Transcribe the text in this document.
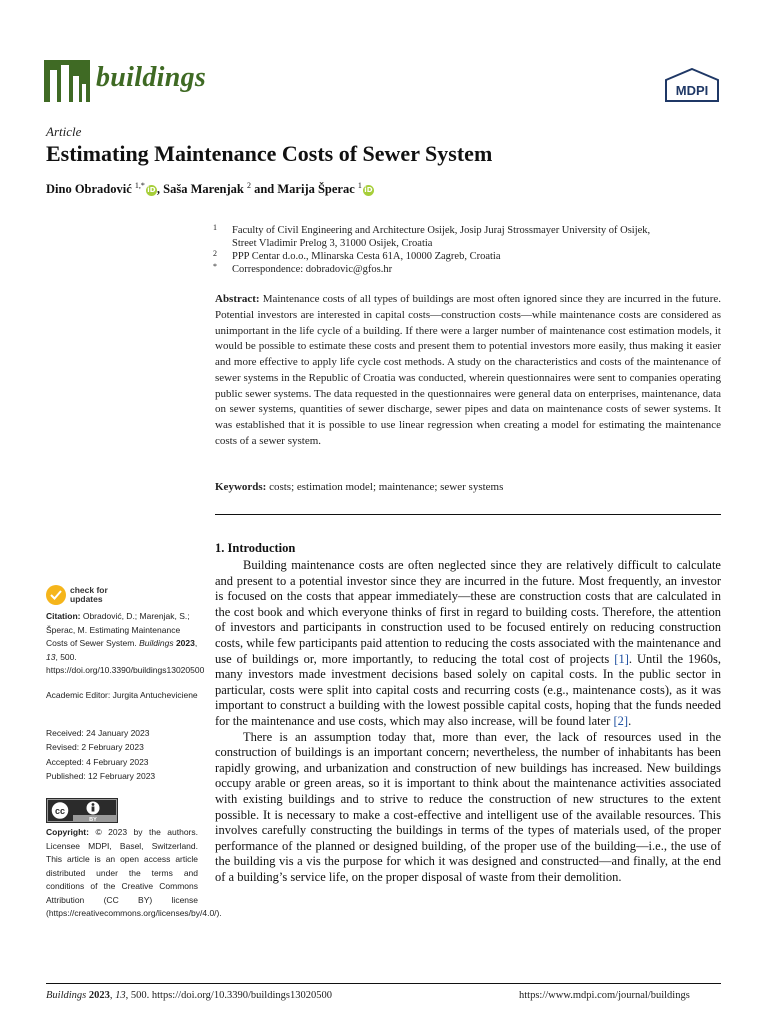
buildings	MDPI
Article
Estimating Maintenance Costs of Sewer System
Dino Obradović $^{1,*}$iD, Saša Marenjak $^2$ and Marija Šperac $^1$iD
1 Faculty of Civil Engineering and Architecture Osijek, Josip Juraj Strossmayer University of Osijek,
Street Vladimir Prelog 3, 31000 Osijek, Croatia
2 PPP Centar d.o.o., Mlinarska Cesta 61A, 10000 Zagreb, Croatia
* Correspondence: dobradovic@gfos.hr
Abstract: Maintenance costs of all types of buildings are most often ignored since they are incurred in the future. Potential investors are interested in capital costs—construction costs—while maintenance costs are considered as unimportant in the life cycle of a building. If there were a larger number of maintenance cost estimation models, it would be possible to estimate these costs and present them to potential investors more easily, thus making it easier and more effective to apply life cycle cost methods. A study on the characteristics and costs of the maintenance of sewer systems in the Republic of Croatia was conducted, wherein questionnaires were sent to companies operating public sewer systems. The data requested in the questionnaires were general data on enterprises, maintenance, data on sewer systems, quantities of sewer discharge, sewer pipes and data on maintenance costs of sewer systems. It was established that it is possible to use linear regression when creating a model for estimating the maintenance costs of a sewer system.
Keywords: costs; estimation model; maintenance; sewer systems
1. Introduction

Building maintenance costs are often neglected since they are relatively difficult to calculate and present to a potential investor since they are incurred in the future. Most frequently, an investor is focused on the costs that appear immediately—these are construction costs that are calculated in the cost book and which everyone thinks of first in regard to building costs. Therefore, the attention of investors and participants in construction used to be focused entirely on reducing construction costs, while few participants paid attention to reducing the costs associated with the maintenance and use of buildings or, more importantly, to reducing the total cost of projects [1]. Until the 1960s, many investors made investment decisions based solely on capital costs. In the public sector in particular, costs were split into capital costs and recurring costs (e.g., maintenance costs), as it was important to construct a building with the lowest possible capital costs, hoping that the funds needed for the maintenance and use costs, which may also increase, will be found later [2].

There is an assumption today that, more than ever, the lack of resources used in the construction of buildings is an important concern; nevertheless, the number of inhabitants has been rapidly growing, and urbanization and construction of new buildings has increased. New buildings occupy arable or green areas, so it is important to think about the maintenance activities associated with existing buildings and to strive to reduce the construction of new structures to the extent possible. It is necessary to make a cost-effective and intelligent use of the available resources. This involves carefully constructing the buildings in terms of the types of materials used, of the proper performance of the planned or designed building, of the proper use of the building—i.e., the use of the building vis a vis the purpose for which it was designed and constructed—and finally, at the end of a building’s service life, on the proper disposal of waste from their demolition.

check for
updates
Citation: Obradović, D.; Marenjak, S.; Šperac, M. Estimating Maintenance Costs of Sewer System. Buildings 2023, 13, 500. https://doi.org/10.3390/buildings13020500
Academic Editor: Jurgita Antucheviciene
Received: 24 January 2023
Revised: 2 February 2023
Accepted: 4 February 2023
Published: 12 February 2023
cc
BY
Copyright: © 2023 by the authors. Licensee MDPI, Basel, Switzerland. This article is an open access article distributed under the terms and conditions of the Creative Commons Attribution (CC BY) license (https://creativecommons.org/licenses/by/4.0/).
Buildings 2023, 13, 500. https://doi.org/10.3390/buildings13020500	https://www.mdpi.com/journal/buildings
